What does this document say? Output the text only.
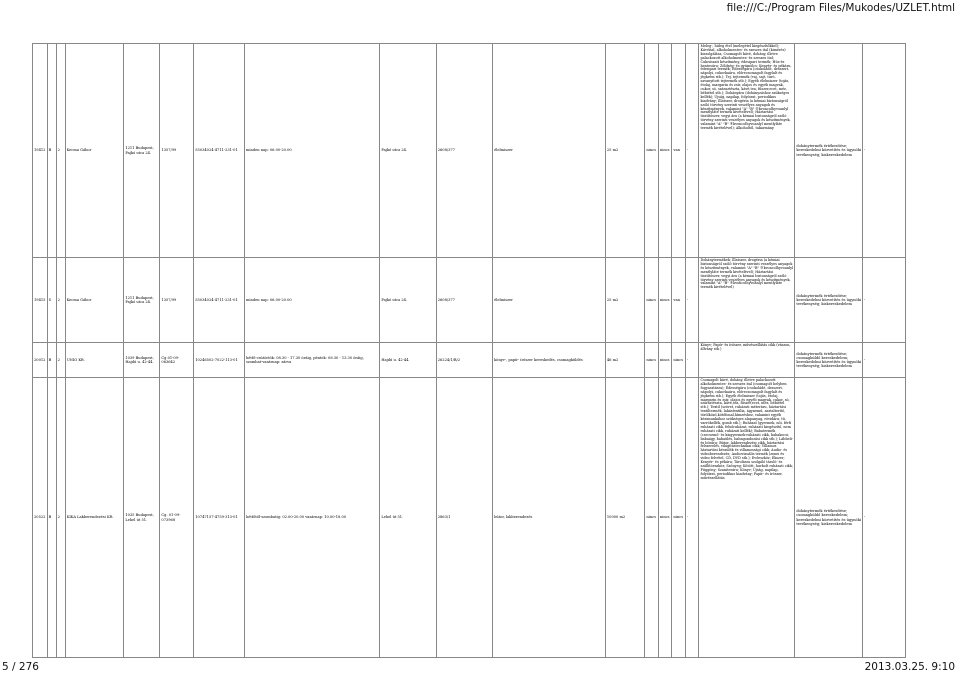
file:///C:/Program Files/Mukodes/UZLET.html
19412	B	2	Kecma Gábor	1211 Budapest, Pajkó utca 24.	1357/99	55034024-4711-231-01	minden nap: 06.00-20.00	Pajkó utca 24.	2608/377	élelmiszer	25 m2	nincs	nincs	van	-	Meleg-, hideg étel (melegétel kiegészítőkkel); Kávéital, alkoholmentes- és szeszes ital (kimérés) kiszolgálása; Csomagolt kávé, dohány, illetve palackozott alkoholmentes- és szeszes ital; Cukrászati készítmény, édesipari termék; Hús-és hentesáru; Zöldség- és gyümölcs; Kenyér- és pékáru, édesipari termék; Édességáru (csokoládé, desszert, nápolyi, cukorkaáru, előrecsomagolt fagylalt és jégkrém stb.); Tej, tejtermék (vaj, sajt, túró, savanyított tejtermék stb.); Egyéb élelmiszer (tojás, étolaj, margarin és zsír, olajos és egyéb magvak, cukor, só, száraztészta, kávé,tea, fűszer,ecet, méz, bébiétel stb.); Dohányáru (dohányzáshoz szükséges kellék); Újság, napilap, folyóirat, periodikus kiadvány; Illatszer, drogéria (a kémiai biztonságról szóló törvény szerinti veszélyes anyagok és készítmények, valamint "A" "B" ®kvoncolhyvoanlyl mentlyláte termék kivételével); Háztartási tisztítószer, vegyi áru (a kémiai biztonságról szóló törvény szerinti veszélyes anyagok és készítmények, valamint "A" "B" ®kvoncolhyvoanlyl mentlyláte termék kivételével); Alkoholtól, takarmány	dohánytermék értékesítése; kereskedelmi közvetítés és ügynöki tevékenység; kiskereskedelem	-
19415	S	2	Kecma Gábor	1211 Budapest, Pajkó utca 24.	1357/99	55034024-4711-231-01	minden nap: 06.00-20.00	Pajkó utca 24.	2608/377	élelmiszer	25 m2	nincs	nincs	van	-	Dohánytermékek; Illatszer, drogéria (a kémiai biztonságról szóló törvény szerinti veszélyes anyagok és készítmények, valamint "A" "B" ®kvoncolhyvoanlyl mentlyláte termék kivételével); Háztartási tisztítószer, vegyi áru (a kémiai biztonságról szóló törvény szerinti veszélyes anyagok és készítmények, valamint "A" "B" ®kvoncolhyvoanlyl mentlyláte termék kivételével)	dohánytermék értékesítése; kereskedelmi közvetítés és ügynöki tevékenység; kiskereskedelem	-
20012	B	2	UNIO Kft.	1039 Budapest, Hajdú u. 42-44.	Cg.01-09-063642	10246502-7022-113-01	hétfő-csütörtök: 08.30 - 17.30 óráig, péntek: 08.30 - 13.30 óráig, szombat-vasárnap: zárva	Hajdú u. 42-44.	26224/1/B/2	könyv-, papír- írószer kereskedés, csomagküldés	46 m2	nincs	nincs	nincs	-	Könyv; Papír- és írószer, művészellátás cikk (vászon, állvány stb.)	dohánytermék értékesítése; csomagküldő kereskedelem; kereskedelmi közvetítés és ügynöki tevékenység; kiskereskedelem	-
20522	B	2	KIKA Lakberendezési Kft.	1035 Budapest, Lehel út 51.	Cg. 01-09-073968	10747157-4759-313-01	hétfőtől-szombatig: 02.00-20.00 vasárnap: 10.00-18.00	Lehel út 51.	2863/1	bútor, lakberendezés	10000 m2	nincs	nincs	nincs	-	Csomagolt kávé, dohány, illetve palackozott alkoholmentes- és szeszes ital (csomagolt helyben fogyasztásra); Édességáru (csokoládé, desszert, nápolyi, cukorkaáru, előrecsomagolt fagylalt és jégkrém stb.); Egyéb élelmiszer (tojás, étolaj, margarin és zsír, olajos és egyéb magvak, cukor, só, száraztészta, kávé,tea, fűszer,ecet, méz, bébiétel stb.); Textil (szövet, ruházati méteráru, háztartási textiltermék, lakástextília, ágynemű, asztalterítő, törölköző,kötőfonal,hímzéshez, valamint egyéb kézimunkához szükséges alapanyag, rövidáru, tű, varrókellék, gomb stb.); Ruházat (gyermek, női, férfi ruházati cikk, felsőruházat, ruházati kiegészítő, nem ruházati cikk, ruházati kellék); Babatermék (csecsemő- és kisgyermek-ruházati cikk, babakocsi, babaágy, babaülés, babagondozási cikk stb.); Lábbeli- és bőráru; Bútor, lakberendezési cikk, háztartási felszerelés, világítástechnikai cikk; Villamos háztartási készülék és villamossági cikk; Audio- és videoberendezés; Audiovizuális termék (zenei és video felvétel, CD, DVD stb.); Evőeszköz; Ékszer; Kenyér- és pékáru; Tárolásra szolgáló tároló- és szállítóeszköz; Szőnyeg; Kötött, hurkolt ruházati cikk; Függöny; Szaniteráru; Könyv; Újság, napilap, folyóirat, periodikus kiadvány; Papír- és írószer, művészellátás	dohánytermék értékesítése; csomagküldő kereskedelem; kereskedelmi közvetítés és ügynöki tevékenység; kiskereskedelem	-
5 / 276	2013.03.25. 9:10
